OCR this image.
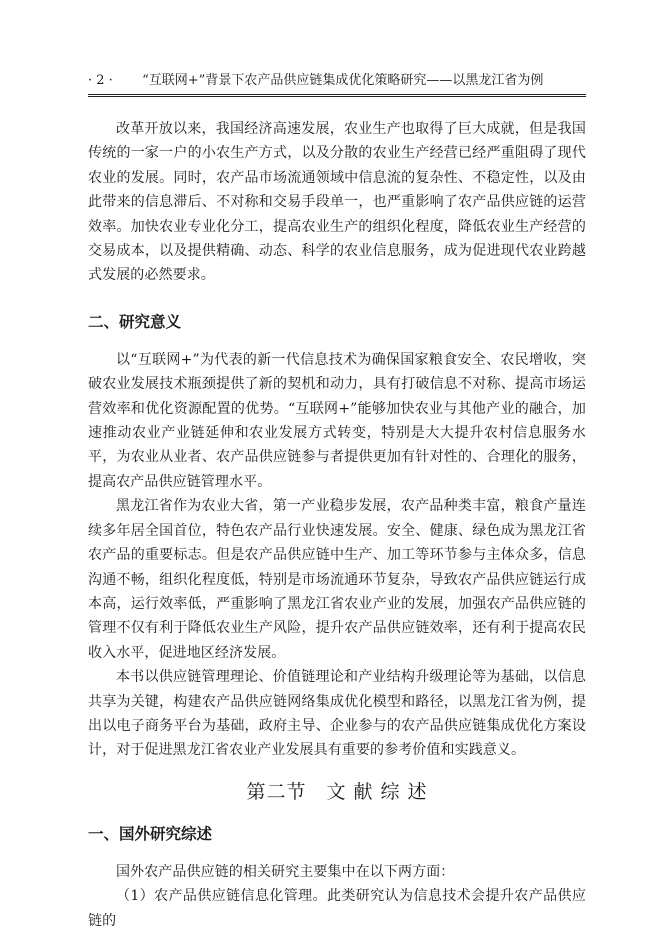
· 2 · “互联网+”背景下农产品供应链集成优化策略研究——以黑龙江省为例

改革开放以来，我国经济高速发展，农业生产也取得了巨大成就，但是我国传统的一家一户的小农生产方式，以及分散的农业生产经营已经严重阻碍了现代农业的发展。同时，农产品市场流通领域中信息流的复杂性、不稳定性，以及由此带来的信息滞后、不对称和交易手段单一，也严重影响了农产品供应链的运营效率。加快农业专业化分工，提高农业生产的组织化程度，降低农业生产经营的交易成本，以及提供精确、动态、科学的农业信息服务，成为促进现代农业跨越式发展的必然要求。

二、研究意义

以“互联网+”为代表的新一代信息技术为确保国家粮食安全、农民增收，突破农业发展技术瓶颈提供了新的契机和动力，具有打破信息不对称、提高市场运营效率和优化资源配置的优势。“互联网+”能够加快农业与其他产业的融合，加速推动农业产业链延伸和农业发展方式转变，特别是大大提升农村信息服务水平，为农业从业者、农产品供应链参与者提供更加有针对性的、合理化的服务，提高农产品供应链管理水平。

黑龙江省作为农业大省，第一产业稳步发展，农产品种类丰富，粮食产量连续多年居全国首位，特色农产品行业快速发展。安全、健康、绿色成为黑龙江省农产品的重要标志。但是农产品供应链中生产、加工等环节参与主体众多，信息沟通不畅，组织化程度低，特别是市场流通环节复杂，导致农产品供应链运行成本高，运行效率低，严重影响了黑龙江省农业产业的发展，加强农产品供应链的管理不仅有利于降低农业生产风险，提升农产品供应链效率，还有利于提高农民收入水平，促进地区经济发展。

本书以供应链管理理论、价值链理论和产业结构升级理论等为基础，以信息共享为关键，构建农产品供应链网络集成优化模型和路径，以黑龙江省为例，提出以电子商务平台为基础，政府主导、企业参与的农产品供应链集成优化方案设计，对于促进黑龙江省农业产业发展具有重要的参考价值和实践意义。

第二节　文 献 综 述
一、国外研究综述

国外农产品供应链的相关研究主要集中在以下两方面：

（1）农产品供应链信息化管理。此类研究认为信息技术会提升农产品供应链的
